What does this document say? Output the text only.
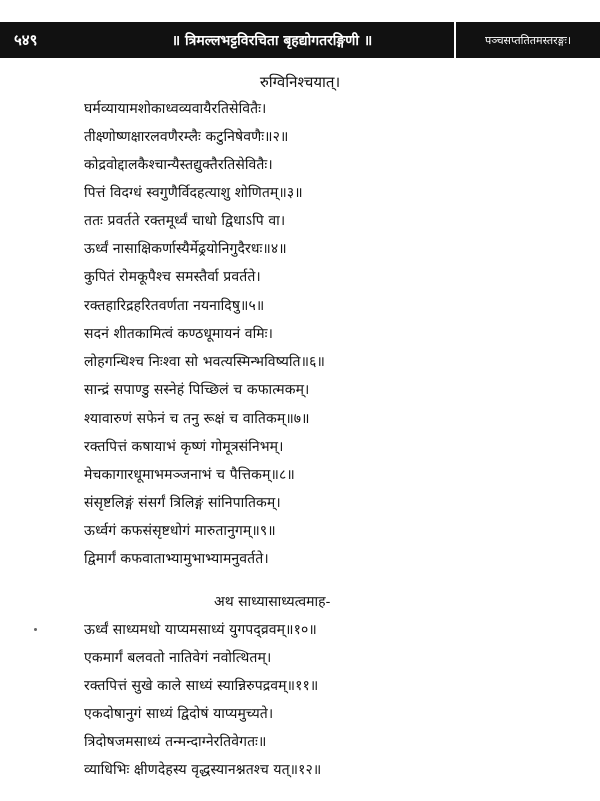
५४९	॥ त्रिमल्लभट्टविरचिता बृहद्योगतरङ्गिणी ॥	पञ्चसप्ततितमस्तरङ्गः।
रुग्विनिश्चयात्।
घर्मव्यायामशोकाध्वव्यवायैरतिसेवितैः।
तीक्ष्णोष्णक्षारलवणैरम्लैः कटुनिषेवणैः॥२॥
कोद्रवोद्दालकैश्चान्यैस्तद्युक्तैरतिसेवितैः।
पित्तं विदग्धं स्वगुणैर्विदहत्याशु शोणितम्॥३॥
ततः प्रवर्तते रक्तमूर्ध्वं चाधो द्विधाऽपि वा।
ऊर्ध्वं नासाक्षिकर्णास्यैर्मेढ्रयोनिगुदैरधः॥४॥
कुपितं रोमकूपैश्च समस्तैर्वा प्रवर्तते।
रक्तहारिद्रहरितवर्णता नयनादिषु॥५॥
सदनं शीतकामित्वं कण्ठधूमायनं वमिः।
लोहगन्धिश्च निःश्वा सो भवत्यस्मिन्भविष्यति॥६॥
सान्द्रं सपाण्डु सस्नेहं पिच्छिलं च कफात्मकम्।
श्यावारुणं सफेनं च तनु रूक्षं च वातिकम्॥७॥
रक्तपित्तं कषायाभं कृष्णं गोमूत्रसंनिभम्।
मेचकागारधूमाभमञ्जनाभं च पैत्तिकम्॥८॥
संसृष्टलिङ्गं संसर्गं त्रिलिङ्गं सांनिपातिकम्।
ऊर्ध्वगं कफसंसृष्टधोगं मारुतानुगम्॥९॥
द्विमार्गं कफवाताभ्यामुभाभ्यामनुवर्तते।
अथ साध्यासाध्यत्वमाह-
ऊर्ध्वं साध्यमधो याप्यमसाध्यं युगपद्व्रवम्॥१०॥
एकमार्गं बलवतो नातिवेगं नवोत्थितम्।
रक्तपित्तं सुखे काले साध्यं स्यान्निरुपद्रवम्॥११॥
एकदोषानुगं साध्यं द्विदोषं याप्यमुच्यते।
त्रिदोषजमसाध्यं तन्मन्दाग्नेरतिवेगतः॥
व्याधिभिः क्षीणदेहस्य वृद्धस्यानश्नतश्च यत्॥१२॥
